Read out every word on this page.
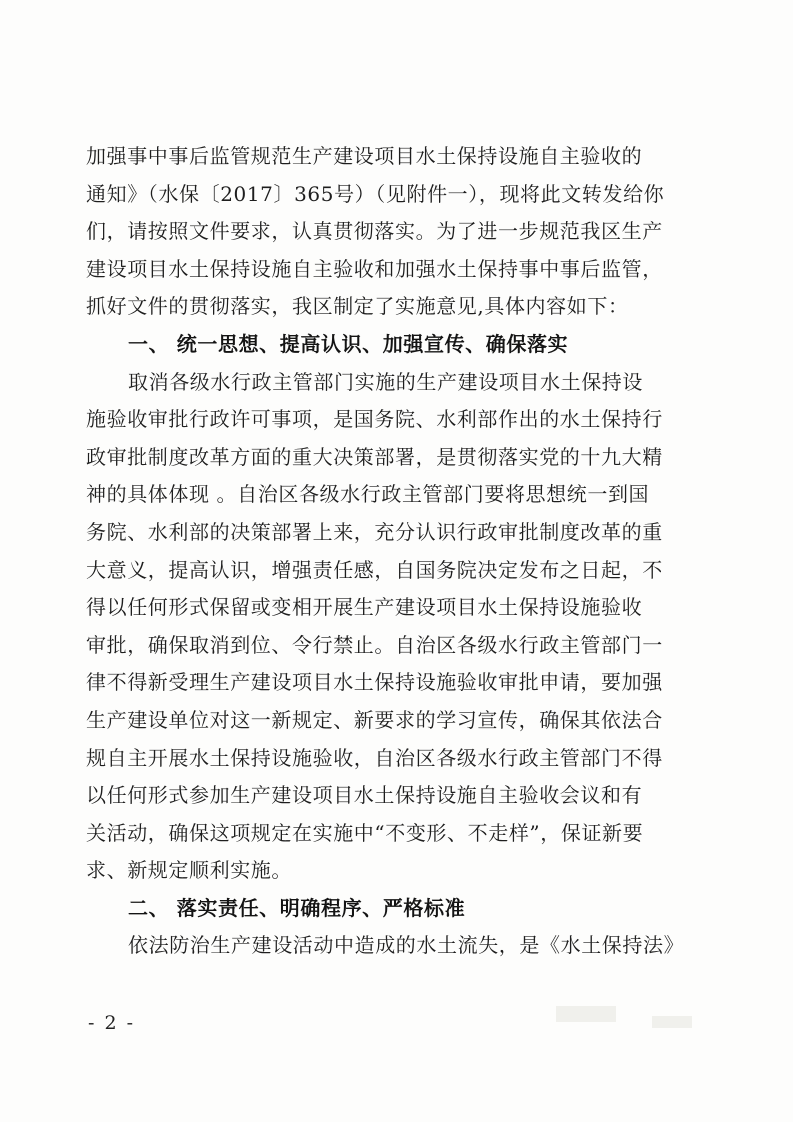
加强事中事后监管规范生产建设项目水土保持设施自主验收的
通知》（水保〔2017〕365号）（见附件一），现将此文转发给你
们，请按照文件要求，认真贯彻落实。为了进一步规范我区生产
建设项目水土保持设施自主验收和加强水土保持事中事后监管，
抓好文件的贯彻落实，我区制定了实施意见,具体内容如下：
一、 统一思想、提高认识、加强宣传、确保落实
取消各级水行政主管部门实施的生产建设项目水土保持设
施验收审批行政许可事项，是国务院、水利部作出的水土保持行
政审批制度改革方面的重大决策部署，是贯彻落实党的十九大精
神的具体体现 。自治区各级水行政主管部门要将思想统一到国
务院、水利部的决策部署上来，充分认识行政审批制度改革的重
大意义，提高认识，增强责任感，自国务院决定发布之日起，不
得以任何形式保留或变相开展生产建设项目水土保持设施验收
审批，确保取消到位、令行禁止。自治区各级水行政主管部门一
律不得新受理生产建设项目水土保持设施验收审批申请，要加强
生产建设单位对这一新规定、新要求的学习宣传，确保其依法合
规自主开展水土保持设施验收，自治区各级水行政主管部门不得
以任何形式参加生产建设项目水土保持设施自主验收会议和有
关活动，确保这项规定在实施中“不变形、不走样”，保证新要
求、新规定顺利实施。
二、 落实责任、明确程序、严格标准
依法防治生产建设活动中造成的水土流失，是《水土保持法》
- 2 -
